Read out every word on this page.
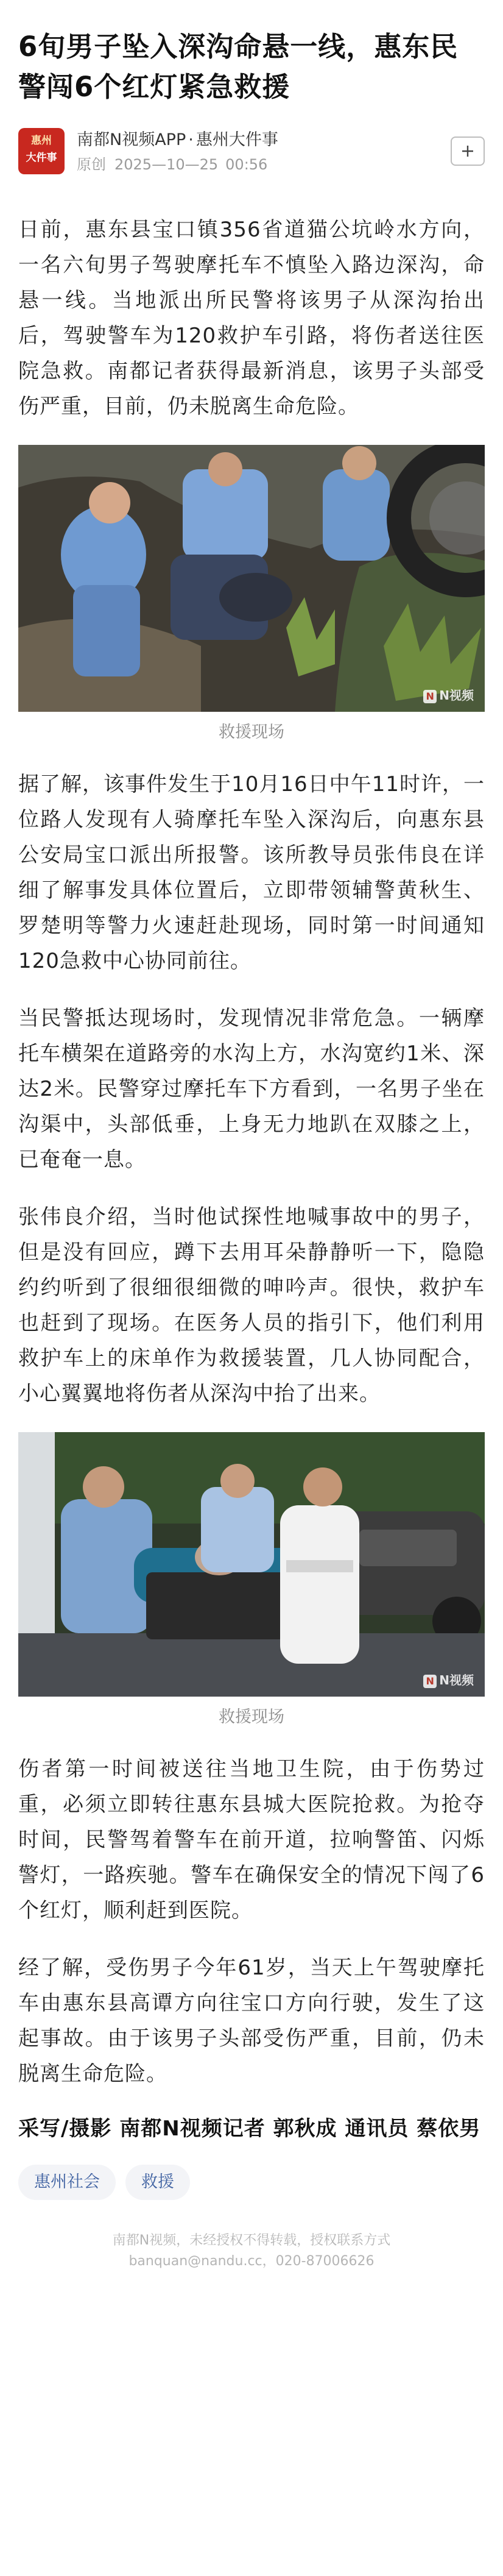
6旬男子坠入深沟命悬一线，惠东民警闯6个红灯紧急救援
惠州
大件事
南都N视频APP · 惠州大件事
原创 2025—10—25 00:56

日前，惠东县宝口镇356省道猫公坑岭水方向，一名六旬男子驾驶摩托车不慎坠入路边深沟，命悬一线。当地派出所民警将该男子从深沟抬出后，驾驶警车为120救护车引路，将伤者送往医院急救。南都记者获得最新消息，该男子头部受伤严重，目前，仍未脱离生命危险。

N N视频

救援现场

据了解，该事件发生于10月16日中午11时许，一位路人发现有人骑摩托车坠入深沟后，向惠东县公安局宝口派出所报警。该所教导员张伟良在详细了解事发具体位置后，立即带领辅警黄秋生、罗楚明等警力火速赶赴现场，同时第一时间通知120急救中心协同前往。

当民警抵达现场时，发现情况非常危急。一辆摩托车横架在道路旁的水沟上方，水沟宽约1米、深达2米。民警穿过摩托车下方看到，一名男子坐在沟渠中，头部低垂，上身无力地趴在双膝之上，已奄奄一息。

张伟良介绍，当时他试探性地喊事故中的男子，但是没有回应，蹲下去用耳朵静静听一下，隐隐约约听到了很细很细微的呻吟声。很快，救护车也赶到了现场。在医务人员的指引下，他们利用救护车上的床单作为救援装置，几人协同配合，小心翼翼地将伤者从深沟中抬了出来。

N N视频

救援现场

伤者第一时间被送往当地卫生院，由于伤势过重，必须立即转往惠东县城大医院抢救。为抢夺时间，民警驾着警车在前开道，拉响警笛、闪烁警灯，一路疾驰。警车在确保安全的情况下闯了6个红灯，顺利赶到医院。

经了解，受伤男子今年61岁，当天上午驾驶摩托车由惠东县高谭方向往宝口方向行驶，发生了这起事故。由于该男子头部受伤严重，目前，仍未脱离生命危险。

采写/摄影 南都N视频记者 郭秋成 通讯员 蔡依男

惠州社会	救援
南都N视频，未经授权不得转载，授权联系方式
banquan@nandu.cc，020-87006626
